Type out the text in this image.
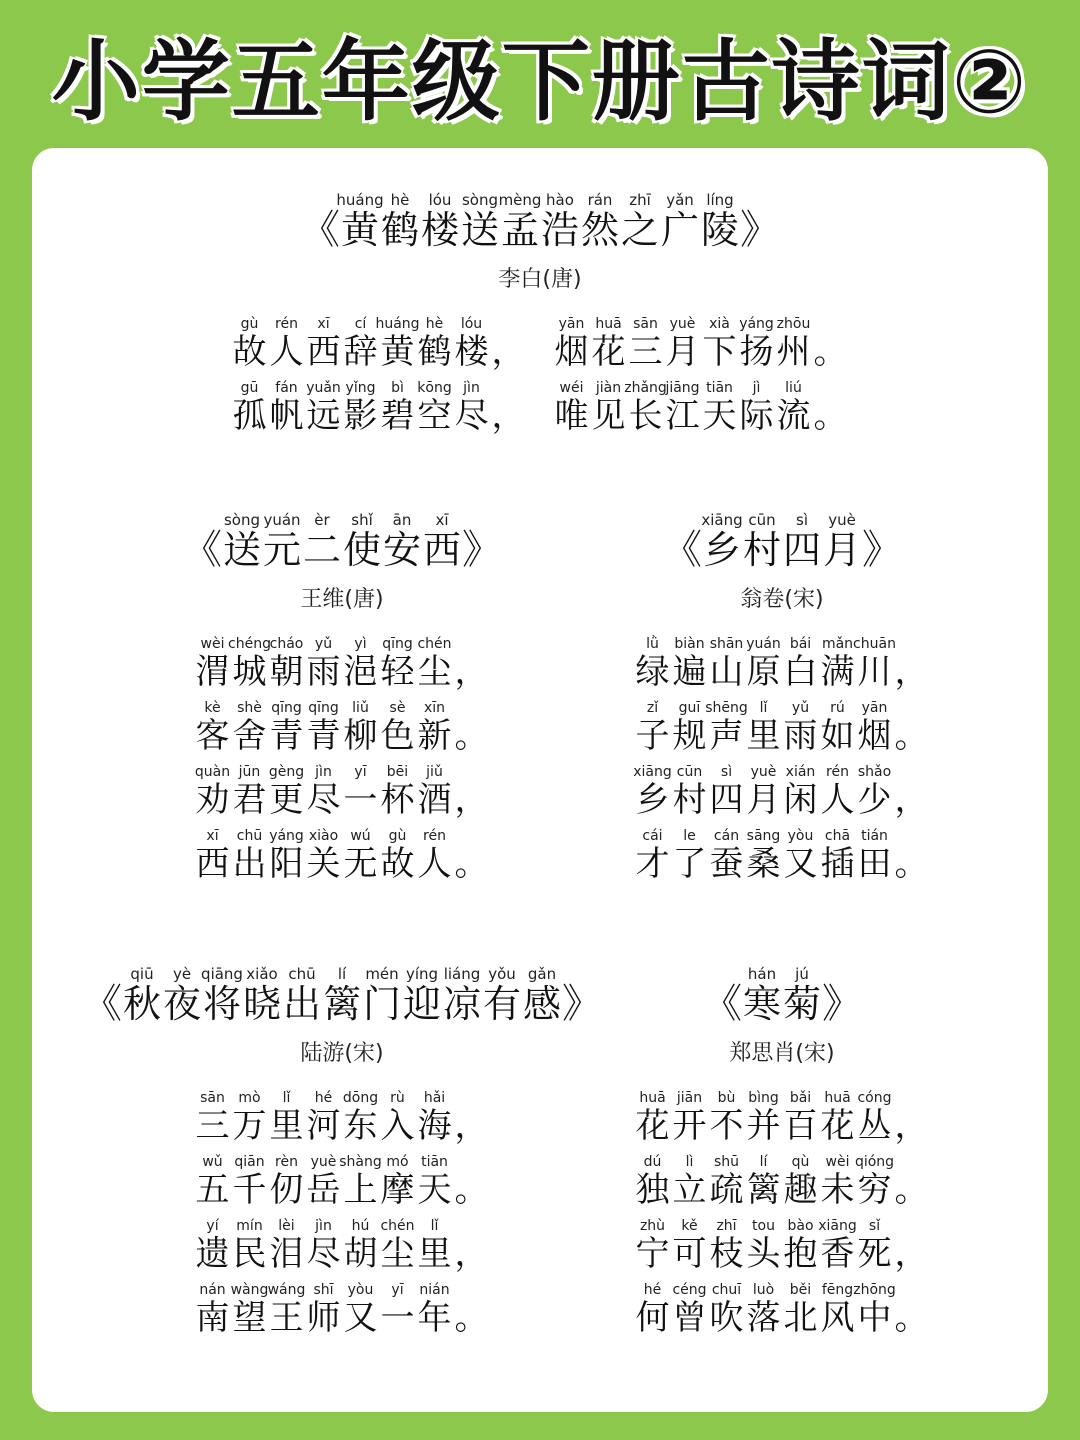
小学五年级下册古诗词②
《
huáng
黄
hè
鹤
lóu
楼
sòng
送
mèng
孟
hào
浩
rán
然
zhī
之
yǎn
广
líng
陵 》
李白(唐)
gù
故
rén
人
xī
西
cí
辞
huáng
黄
hè
鹤
lóu
楼 ，
yān
烟
huā
花
sān
三
yuè
月
xià
下
yáng
扬
zhōu
州 。
gū
孤
fán
帆
yuǎn
远
yǐng
影
bì
碧
kōng
空
jìn
尽 ，
wéi
唯
jiàn
见
zhǎng
长
jiāng
江
tiān
天
jì
际
liú
流 。
《
sòng
送
yuán
元
èr
二
shǐ
使
ān
安
xī
西 》
王维(唐)
wèi
渭
chéng
城
cháo
朝
yǔ
雨
yì
浥
qīng
轻
chén
尘 ，
kè
客
shè
舍
qīng
青
qīng
青
liǔ
柳
sè
色
xīn
新 。
quàn
劝
jūn
君
gèng
更
jìn
尽
yī
一
bēi
杯
jiǔ
酒 ，
xī
西
chū
出
yáng
阳
xiào
关
wú
无
gù
故
rén
人 。
《
xiāng
乡
cūn
村
sì
四
yuè
月 》
翁卷(宋)
lǜ
绿
biàn
遍
shān
山
yuán
原
bái
白
mǎn
满
chuān
川 ，
zǐ
子
guī
规
shēng
声
lǐ
里
yǔ
雨
rú
如
yān
烟 。
xiāng
乡
cūn
村
sì
四
yuè
月
xián
闲
rén
人
shǎo
少 ，
cái
才
le
了
cán
蚕
sāng
桑
yòu
又
chā
插
tián
田 。
《
qiū
秋
yè
夜
qiāng
将
xiǎo
晓
chū
出
lí
篱
mén
门
yíng
迎
liáng
凉
yǒu
有
gǎn
感 》
陆游(宋)
sān
三
mò
万
lǐ
里
hé
河
dōng
东
rù
入
hǎi
海 ，
wǔ
五
qiān
千
rèn
仞
yuè
岳
shàng
上
mó
摩
tiān
天 。
yí
遗
mín
民
lèi
泪
jìn
尽
hú
胡
chén
尘
lǐ
里 ，
nán
南
wàng
望
wáng
王
shī
师
yòu
又
yī
一
nián
年 。
《
hán
寒
jú
菊 》
郑思肖(宋)
huā
花
jiān
开
bù
不
bìng
并
bǎi
百
huā
花
cóng
丛 ，
dú
独
lì
立
shū
疏
lí
篱
qù
趣
wèi
未
qióng
穷 。
zhù
宁
kě
可
zhī
枝
tou
头
bào
抱
xiāng
香
sǐ
死 ，
hé
何
céng
曾
chuī
吹
luò
落
běi
北
fēng
风
zhōng
中 。
